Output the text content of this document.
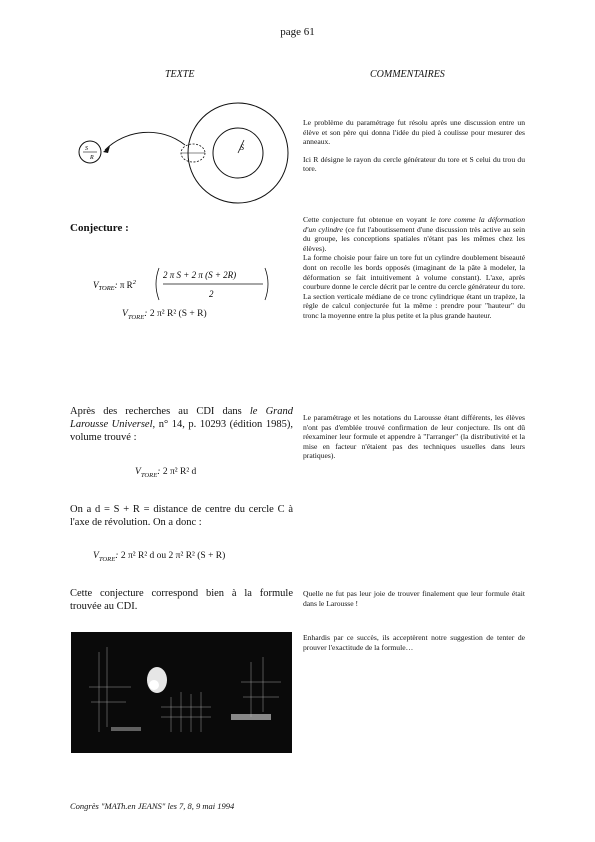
page 61
TEXTE	COMMENTAIRES
S
S
R

Le problème du paramétrage fut résolu après une discussion entre un élève et son père qui donna l'idée du pied à coulisse pour mesurer des anneaux.

Ici R désigne le rayon du cercle générateur du tore et S celui du trou du tore.

Cette conjecture fut obtenue en voyant le tore comme la déformation d'un cylindre (ce fut l'aboutissement d'une discussion très active au sein du groupe, les conceptions spatiales n'étant pas les mêmes chez les élèves).

La forme choisie pour faire un tore fut un cylindre doublement biseauté dont on recolle les bords opposés (imaginant de la pâte à modeler, la déformation se fait intuitivement à volume constant). L'axe, après courbure donne le cercle décrit par le centre du cercle générateur du tore.

La section verticale médiane de ce tronc cylindrique étant un trapèze, la règle de calcul conjecturée fut la même : prendre pour "hauteur" du tronc la moyenne entre la plus petite et la plus grande hauteur.

Le paramétrage et les notations du Larousse étant différents, les élèves n'ont pas d'emblée trouvé confirmation de leur conjecture. Ils ont dû réexaminer leur formule et appendre à "l'arranger" (la distributivité et la mise en facteur n'étaient pas des techniques usuelles dans leurs pratiques).
Quelle ne fut pas leur joie de trouver finalement que leur formule était dans le Larousse !
Enhardis par ce succès, ils acceptèrent notre suggestion de tenter de prouver l'exactitude de la formule…
Conjecture :
$V_{TORE}$: π $R^2$
2 π S + 2 π (S + 2R)
2
$V_{TORE}$: 2 π² R² (S + R)

Après des recherches au CDI dans le Grand Larousse Universel, n° 14, p. 10293 (édition 1985), volume trouvé :

$V_{TORE}$: 2 π² R² d
On a d = S + R = distance de centre du cercle C à l'axe de révolution. On a donc :
$V_{TORE}$: 2 π² R² d ou 2 π² R² (S + R)
Cette conjecture correspond bien à la formule trouvée au CDI.
Congrès "MATh.en JEANS" les 7, 8, 9 mai 1994
